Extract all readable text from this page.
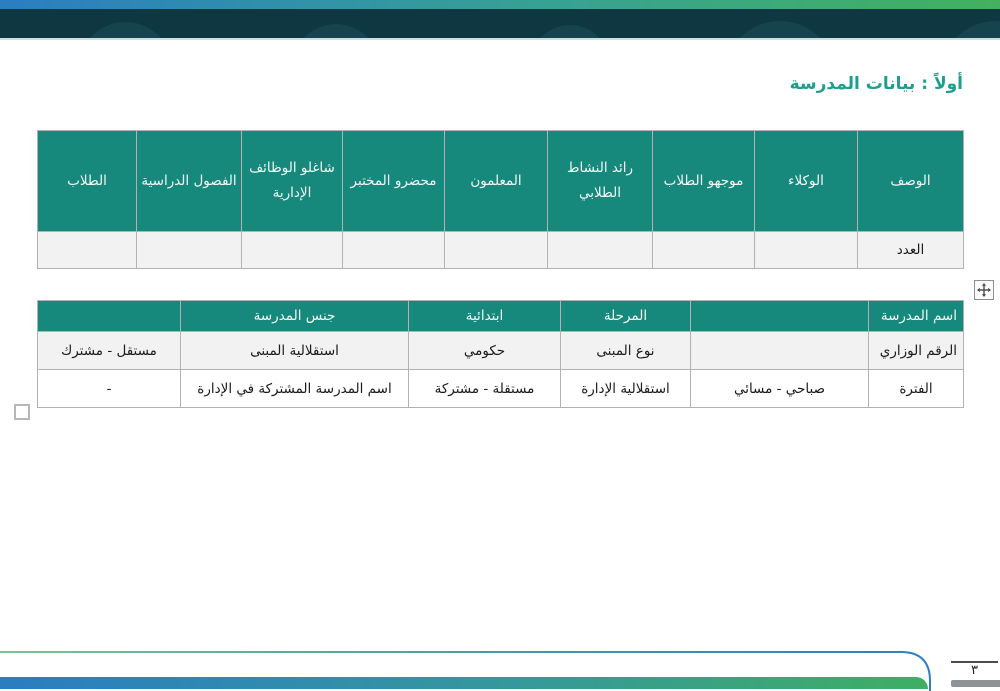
أولاً : بيانات المدرسة
الوصف	الوكلاء	موجهو الطلاب	رائد النشاط الطلابي	المعلمون	محضرو المختبر	شاغلو الوظائف الإدارية	الفصول الدراسية	الطلاب
العدد								
اسم المدرسة		المرحلة	ابتدائية	جنس المدرسة	
الرقم الوزاري		نوع المبنى	حكومي	استقلالية المبنى	مستقل - مشترك
الفترة	صباحي - مسائي	استقلالية الإدارة	مستقلة - مشتركة	اسم المدرسة المشتركة في الإدارة	-
٣
